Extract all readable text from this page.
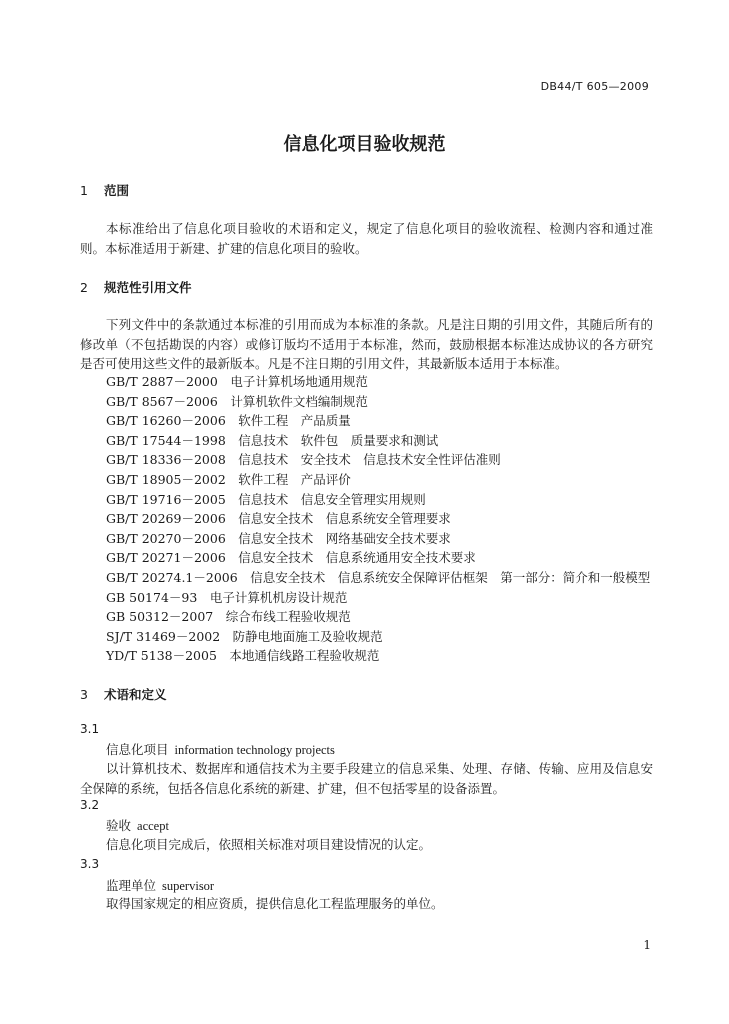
DB44/T 605—2009
信息化项目验收规范
1 范围
本标准给出了信息化项目验收的术语和定义，规定了信息化项目的验收流程、检测内容和通过准则。本标准适用于新建、扩建的信息化项目的验收。
2 规范性引用文件
下列文件中的条款通过本标准的引用而成为本标准的条款。凡是注日期的引用文件，其随后所有的修改单（不包括勘误的内容）或修订版均不适用于本标准，然而，鼓励根据本标准达成协议的各方研究是否可使用这些文件的最新版本。凡是不注日期的引用文件，其最新版本适用于本标准。
GB/T 2887－2000　电子计算机场地通用规范
GB/T 8567－2006　计算机软件文档编制规范
GB/T 16260－2006　软件工程　产品质量
GB/T 17544－1998　信息技术　软件包　质量要求和测试
GB/T 18336－2008　信息技术　安全技术　信息技术安全性评估准则
GB/T 18905－2002　软件工程　产品评价
GB/T 19716－2005　信息技术　信息安全管理实用规则
GB/T 20269－2006　信息安全技术　信息系统安全管理要求
GB/T 20270－2006　信息安全技术　网络基础安全技术要求
GB/T 20271－2006　信息安全技术　信息系统通用安全技术要求
GB/T 20274.1－2006　信息安全技术　信息系统安全保障评估框架　第一部分：简介和一般模型
GB 50174－93　电子计算机机房设计规范
GB 50312－2007　综合布线工程验收规范
SJ/T 31469－2002　防静电地面施工及验收规范
YD/T 5138－2005　本地通信线路工程验收规范
3 术语和定义
3.1
信息化项目 information technology projects
以计算机技术、数据库和通信技术为主要手段建立的信息采集、处理、存储、传输、应用及信息安全保障的系统，包括各信息化系统的新建、扩建，但不包括零星的设备添置。
3.2
验收 accept
信息化项目完成后，依照相关标准对项目建设情况的认定。
3.3
监理单位 supervisor
取得国家规定的相应资质，提供信息化工程监理服务的单位。
1
